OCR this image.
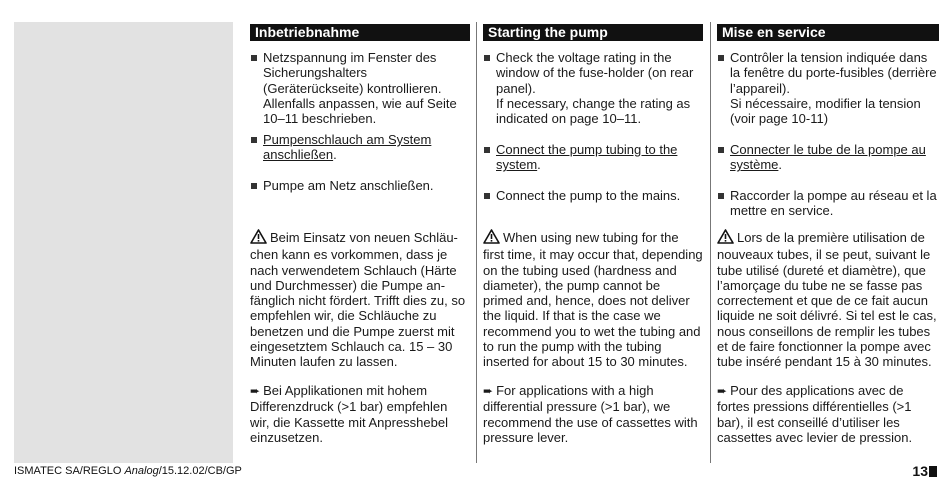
Inbetriebnahme
Netzspannung im Fenster des Sicherungshalters (Geräterückseite) kontrollieren. Allenfalls anpassen, wie auf Seite 10–11 beschrieben.
Pumpenschlauch am System anschließen.
Pumpe am Netz anschließen.
Beim Einsatz von neuen Schläu-chen kann es vorkommen, dass je nach verwendetem Schlauch (Härte und Durchmesser) die Pumpe an-fänglich nicht fördert. Trifft dies zu, so empfehlen wir, die Schläuche zu benetzen und die Pumpe zuerst mit eingesetztem Schlauch ca. 15 – 30 Minuten laufen zu lassen.
➨ Bei Applikationen mit hohem Differenzdruck (>1 bar) empfehlen wir, die Kassette mit Anpresshebel einzusetzen.
Starting the pump
Check the voltage rating in the window of the fuse-holder (on rear panel).
If necessary, change the rating as indicated on page 10–11.
Connect the pump tubing to the system.
Connect the pump to the mains.
When using new tubing for the first time, it may occur that, depending on the tubing used (hardness and diameter), the pump cannot be primed and, hence, does not deliver the liquid. If that is the case we recommend you to wet the tubing and to run the pump with the tubing inserted for about 15 to 30 minutes.
➨ For applications with a high differential pressure (>1 bar), we recommend the use of cassettes with pressure lever.
Mise en service
Contrôler la tension indiquée dans la fenêtre du porte-fusibles (derrière l’appareil).
Si nécessaire, modifier la tension (voir page 10-11)
Connecter le tube de la pompe au système.
Raccorder la pompe au réseau et la mettre en service.
Lors de la première utilisation de nouveaux tubes, il se peut, suivant le tube utilisé (dureté et diamètre), que l’amorçage du tube ne se fasse pas correctement et que de ce fait aucun liquide ne soit délivré. Si tel est le cas, nous conseillons de remplir les tubes et de faire fonctionner la pompe avec tube inséré pendant 15 à 30 minutes.
➨ Pour des applications avec de fortes pressions différentielles (>1 bar), il est conseillé d’utiliser les cassettes avec levier de pression.
ISMATEC SA/REGLO Analog/15.12.02/CB/GP	13
